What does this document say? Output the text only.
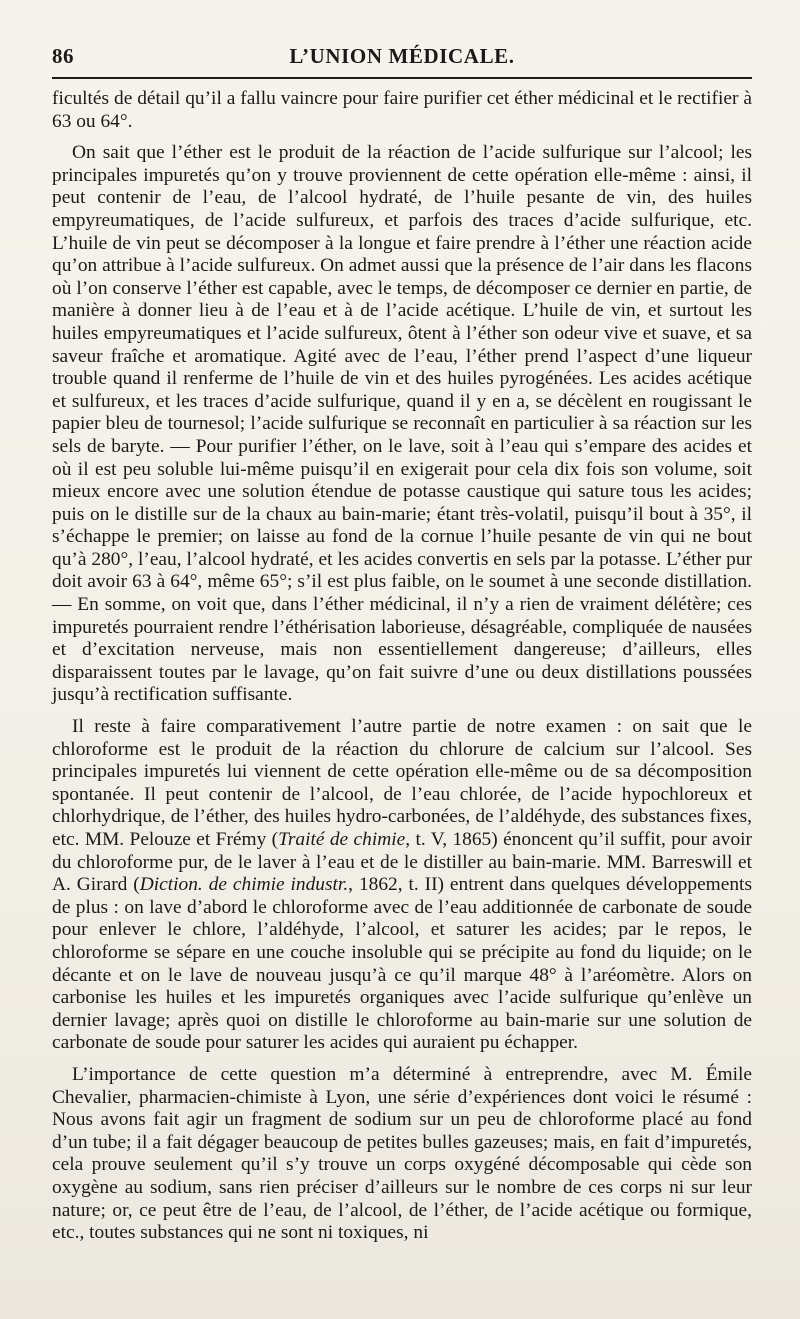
86	L’UNION MÉDICALE.

ficultés de détail qu’il a fallu vaincre pour faire purifier cet éther médicinal et le rectifier à 63 ou 64°.

On sait que l’éther est le produit de la réaction de l’acide sulfurique sur l’alcool; les principales impuretés qu’on y trouve proviennent de cette opération elle-même : ainsi, il peut contenir de l’eau, de l’alcool hydraté, de l’huile pesante de vin, des huiles empyreumatiques, de l’acide sulfureux, et parfois des traces d’acide sulfurique, etc. L’huile de vin peut se décomposer à la longue et faire prendre à l’éther une réaction acide qu’on attribue à l’acide sulfureux. On admet aussi que la présence de l’air dans les flacons où l’on conserve l’éther est capable, avec le temps, de décomposer ce dernier en partie, de manière à donner lieu à de l’eau et à de l’acide acétique. L’huile de vin, et surtout les huiles empyreumatiques et l’acide sulfureux, ôtent à l’éther son odeur vive et suave, et sa saveur fraîche et aromatique. Agité avec de l’eau, l’éther prend l’aspect d’une liqueur trouble quand il renferme de l’huile de vin et des huiles pyrogénées. Les acides acétique et sulfureux, et les traces d’acide sulfurique, quand il y en a, se décèlent en rougissant le papier bleu de tournesol; l’acide sulfurique se reconnaît en particulier à sa réaction sur les sels de baryte. — Pour purifier l’éther, on le lave, soit à l’eau qui s’empare des acides et où il est peu soluble lui-même puisqu’il en exigerait pour cela dix fois son volume, soit mieux encore avec une solution étendue de potasse caustique qui sature tous les acides; puis on le distille sur de la chaux au bain-marie; étant très-volatil, puisqu’il bout à 35°, il s’échappe le premier; on laisse au fond de la cornue l’huile pesante de vin qui ne bout qu’à 280°, l’eau, l’alcool hydraté, et les acides convertis en sels par la potasse. L’éther pur doit avoir 63 à 64°, même 65°; s’il est plus faible, on le soumet à une seconde distillation. — En somme, on voit que, dans l’éther médicinal, il n’y a rien de vraiment délétère; ces impuretés pourraient rendre l’éthérisation laborieuse, désagréable, compliquée de nausées et d’excitation nerveuse, mais non essentiellement dangereuse; d’ailleurs, elles disparaissent toutes par le lavage, qu’on fait suivre d’une ou deux distillations poussées jusqu’à rectification suffisante.

Il reste à faire comparativement l’autre partie de notre examen : on sait que le chloroforme est le produit de la réaction du chlorure de calcium sur l’alcool. Ses principales impuretés lui viennent de cette opération elle-même ou de sa décomposition spontanée. Il peut contenir de l’alcool, de l’eau chlorée, de l’acide hypochloreux et chlorhydrique, de l’éther, des huiles hydro-carbonées, de l’aldéhyde, des substances fixes, etc. MM. Pelouze et Frémy (Traité de chimie, t. V, 1865) énoncent qu’il suffit, pour avoir du chloroforme pur, de le laver à l’eau et de le distiller au bain-marie. MM. Barreswill et A. Girard (Diction. de chimie industr., 1862, t. II) entrent dans quelques développements de plus : on lave d’abord le chloroforme avec de l’eau additionnée de carbonate de soude pour enlever le chlore, l’aldéhyde, l’alcool, et saturer les acides; par le repos, le chloroforme se sépare en une couche insoluble qui se précipite au fond du liquide; on le décante et on le lave de nouveau jusqu’à ce qu’il marque 48° à l’aréomètre. Alors on carbonise les huiles et les impuretés organiques avec l’acide sulfurique qu’enlève un dernier lavage; après quoi on distille le chloroforme au bain-marie sur une solution de carbonate de soude pour saturer les acides qui auraient pu échapper.

L’importance de cette question m’a déterminé à entreprendre, avec M. Émile Chevalier, pharmacien-chimiste à Lyon, une série d’expériences dont voici le résumé : Nous avons fait agir un fragment de sodium sur un peu de chloroforme placé au fond d’un tube; il a fait dégager beaucoup de petites bulles gazeuses; mais, en fait d’impuretés, cela prouve seulement qu’il s’y trouve un corps oxygéné décomposable qui cède son oxygène au sodium, sans rien préciser d’ailleurs sur le nombre de ces corps ni sur leur nature; or, ce peut être de l’eau, de l’alcool, de l’éther, de l’acide acétique ou formique, etc., toutes substances qui ne sont ni toxiques, ni
